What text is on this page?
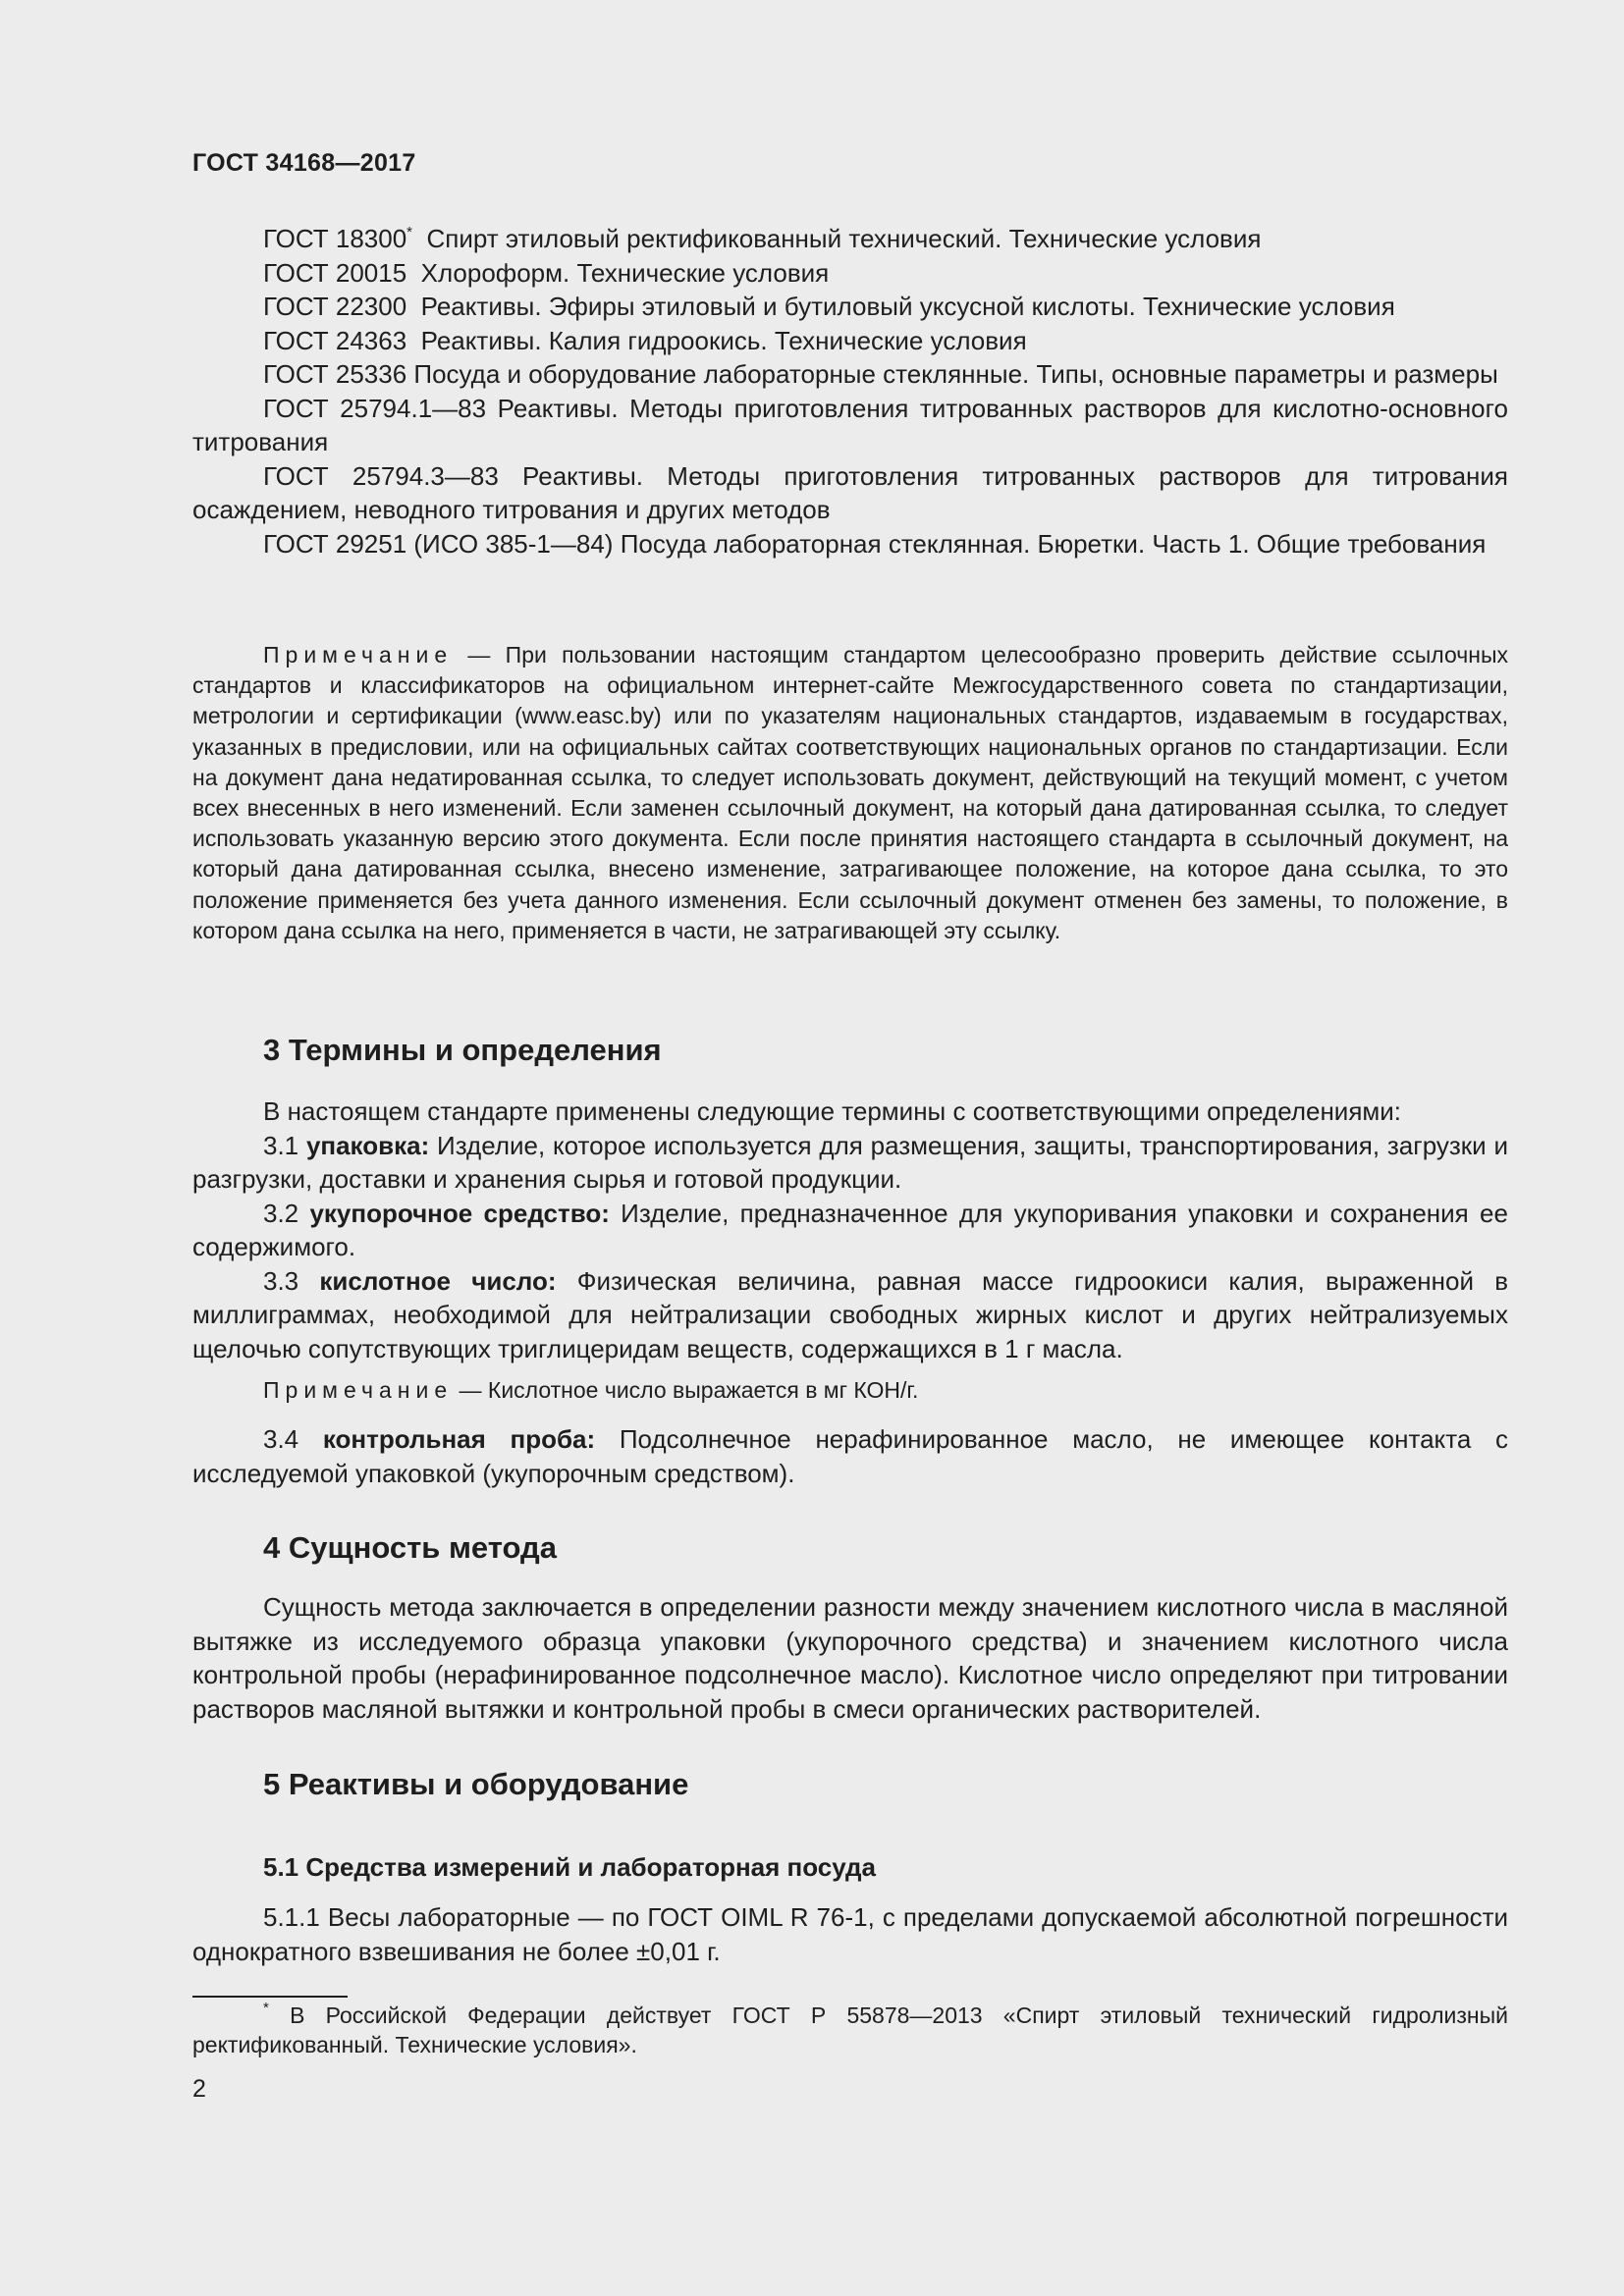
ГОСТ 34168—2017

ГОСТ 18300*  Спирт этиловый ректификованный технический. Технические условия

ГОСТ 20015  Хлороформ. Технические условия

ГОСТ 22300  Реактивы. Эфиры этиловый и бутиловый уксусной кислоты. Технические условия

ГОСТ 24363  Реактивы. Калия гидроокись. Технические условия

ГОСТ 25336 Посуда и оборудование лабораторные стеклянные. Типы, основные параметры и размеры

ГОСТ 25794.1—83 Реактивы. Методы приготовления титрованных растворов для кислотно-основного титрования

ГОСТ 25794.3—83 Реактивы. Методы приготовления титрованных растворов для титрования осаждением, неводного титрования и других методов

ГОСТ 29251 (ИСО 385-1—84) Посуда лабораторная стеклянная. Бюретки. Часть 1. Общие требования

Примечание — При пользовании настоящим стандартом целесообразно проверить действие ссылочных стандартов и классификаторов на официальном интернет-сайте Межгосударственного совета по стандартизации, метрологии и сертификации (www.easc.by) или по указателям национальных стандартов, издаваемым в государствах, указанных в предисловии, или на официальных сайтах соответствующих национальных органов по стандартизации. Если на документ дана недатированная ссылка, то следует использовать документ, действующий на текущий момент, с учетом всех внесенных в него изменений. Если заменен ссылочный документ, на который дана датированная ссылка, то следует использовать указанную версию этого документа. Если после принятия настоящего стандарта в ссылочный документ, на который дана датированная ссылка, внесено изменение, затрагивающее положение, на которое дана ссылка, то это положение применяется без учета данного изменения. Если ссылочный документ отменен без замены, то положение, в котором дана ссылка на него, применяется в части, не затрагивающей эту ссылку.

3 Термины и определения

В настоящем стандарте применены следующие термины с соответствующими определениями:

3.1 упаковка: Изделие, которое используется для размещения, защиты, транспортирования, загрузки и разгрузки, доставки и хранения сырья и готовой продукции.

3.2 укупорочное средство: Изделие, предназначенное для укупоривания упаковки и сохранения ее содержимого.

3.3 кислотное число: Физическая величина, равная массе гидроокиси калия, выраженной в миллиграммах, необходимой для нейтрализации свободных жирных кислот и других нейтрализуемых щелочью сопутствующих триглицеридам веществ, содержащихся в 1 г масла.

Примечание — Кислотное число выражается в мг КОН/г.

3.4 контрольная проба: Подсолнечное нерафинированное масло, не имеющее контакта с исследуемой упаковкой (укупорочным средством).

4 Сущность метода

Сущность метода заключается в определении разности между значением кислотного числа в масляной вытяжке из исследуемого образца упаковки (укупорочного средства) и значением кислотного числа контрольной пробы (нерафинированное подсолнечное масло). Кислотное число определяют при титровании растворов масляной вытяжки и контрольной пробы в смеси органических растворителей.

5 Реактивы и оборудование
5.1 Средства измерений и лабораторная посуда

5.1.1 Весы лабораторные — по ГОСТ OIML R 76-1, с пределами допускаемой абсолютной погрешности однократного взвешивания не более ±0,01 г.

* В Российской Федерации действует ГОСТ Р 55878—2013 «Спирт этиловый технический гидролизный ректификованный. Технические условия».

2
